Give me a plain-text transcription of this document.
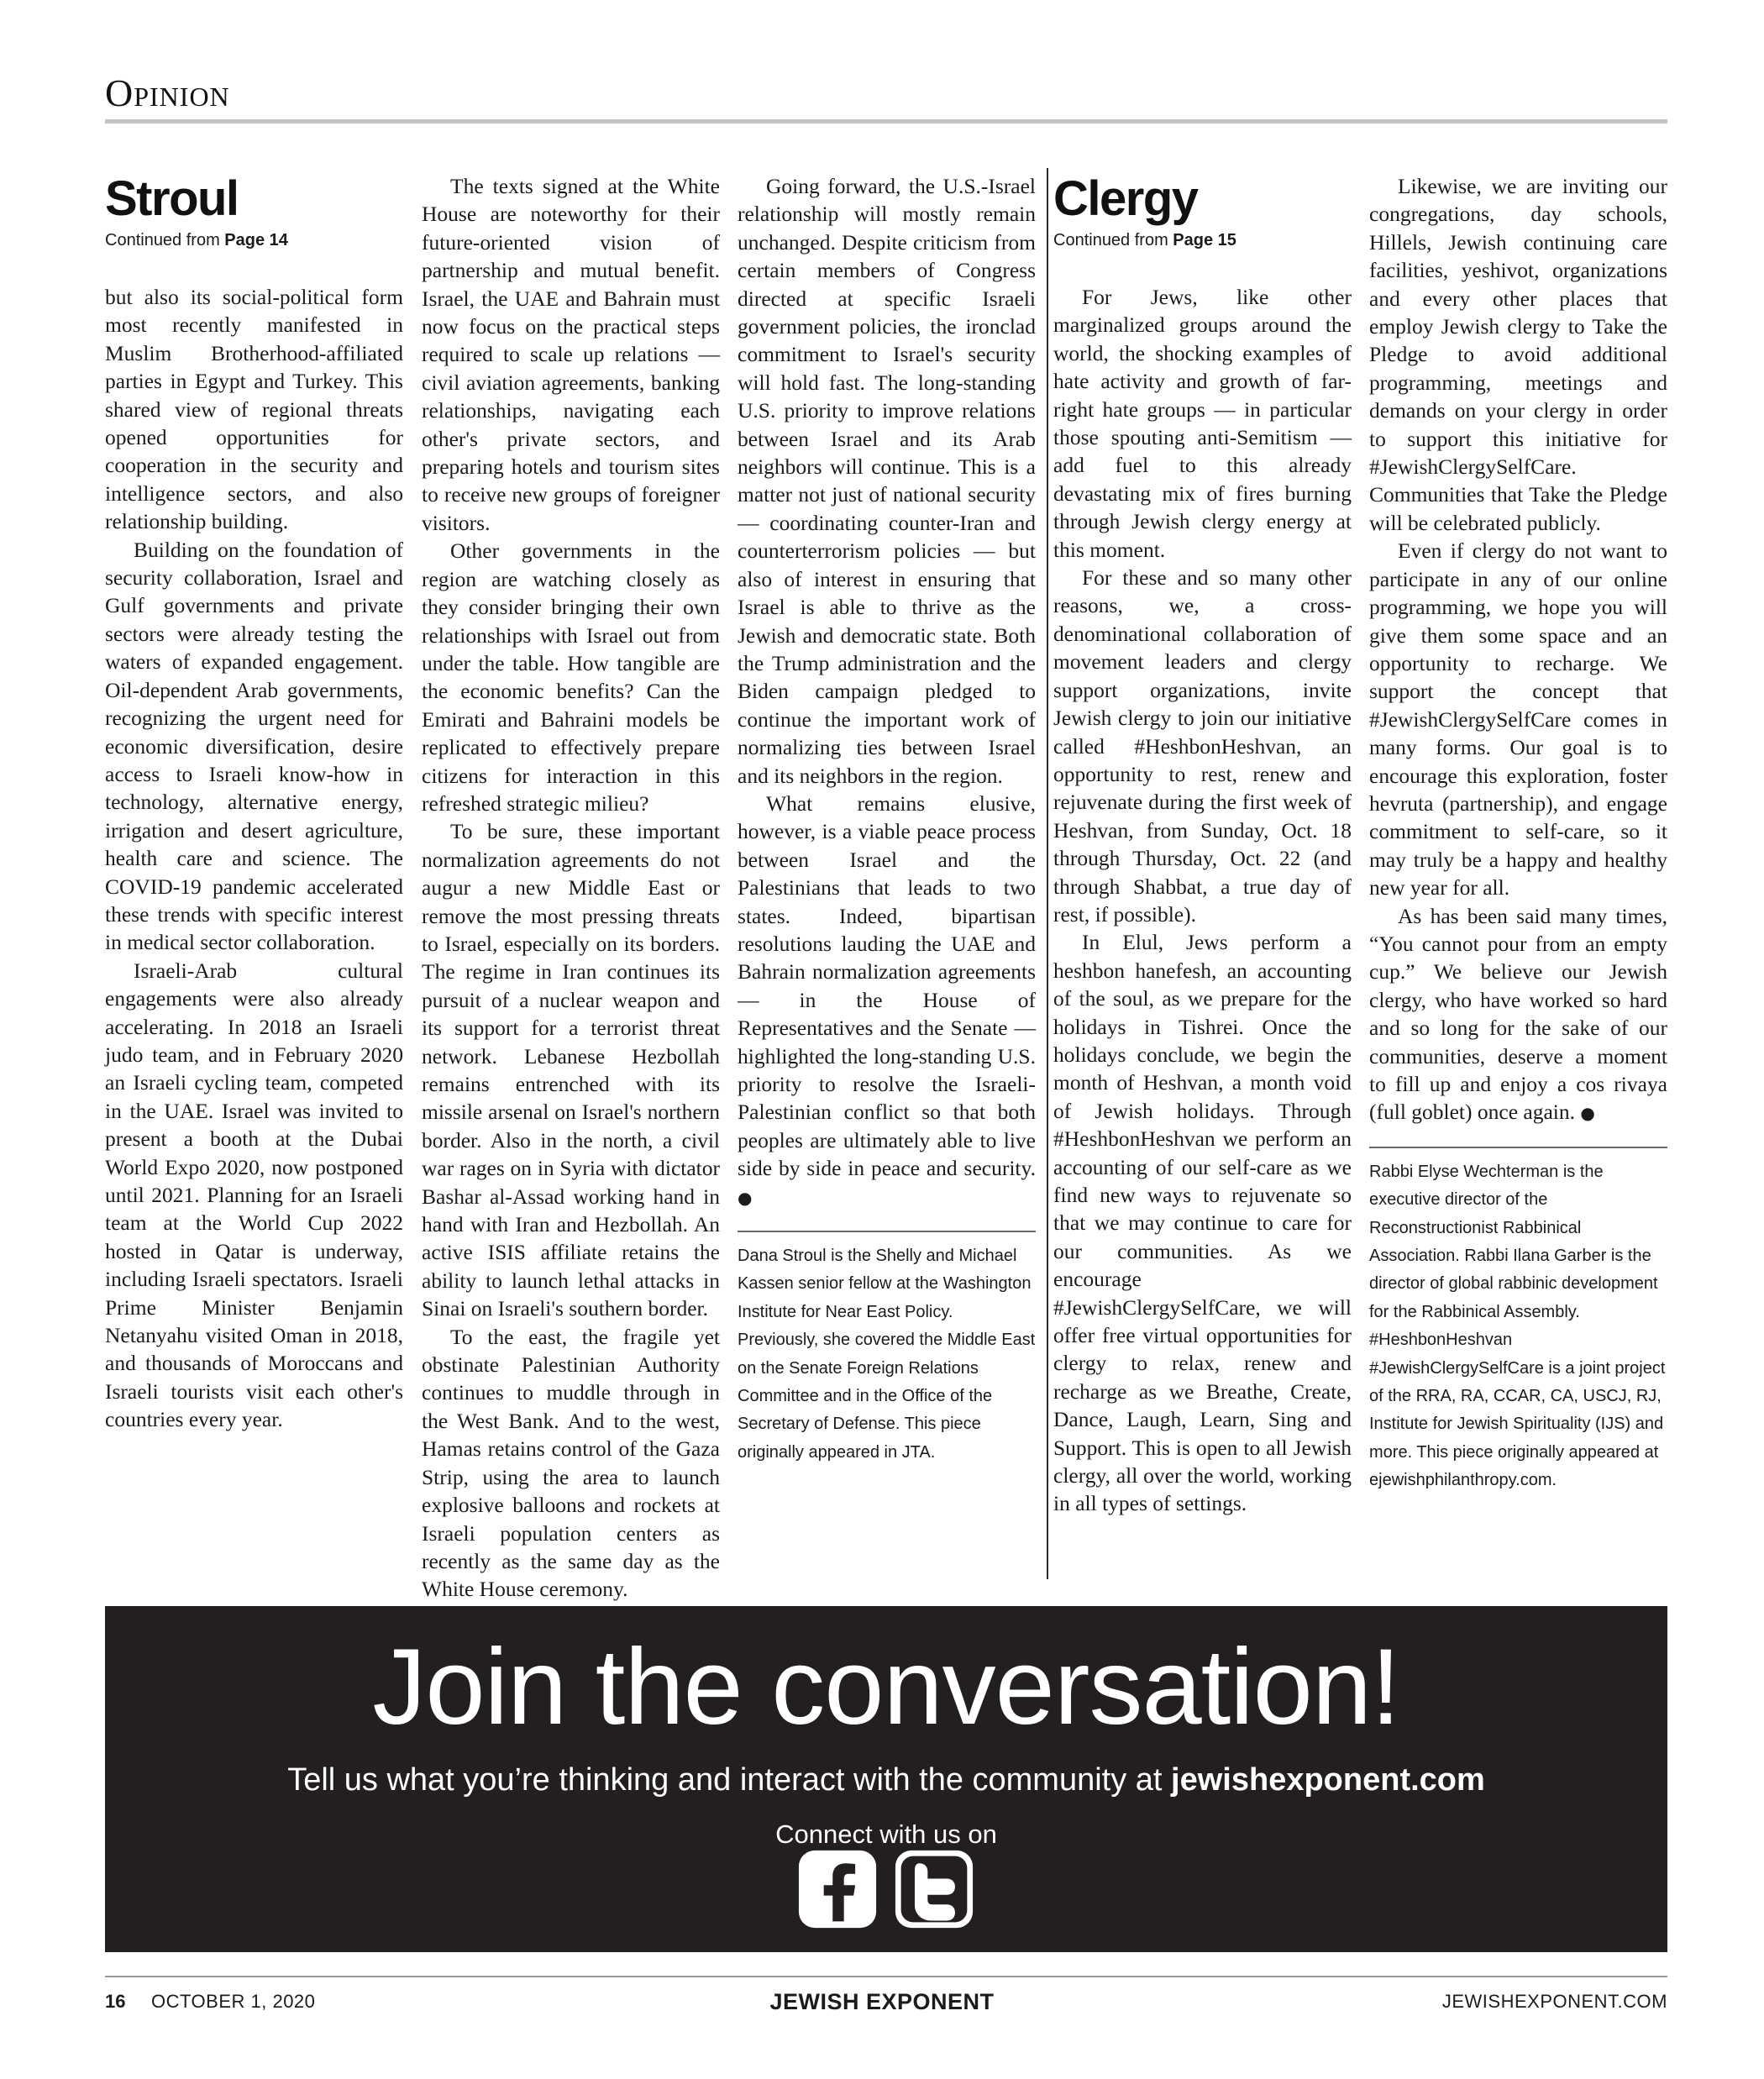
Opinion
Stroul
Continued from Page 14

but also its social-political form most recently manifested in Muslim Brotherhood-affiliated parties in Egypt and Turkey. This shared view of regional threats opened opportunities for cooperation in the security and intelligence sectors, and also relationship building.

Building on the foundation of security collaboration, Israel and Gulf governments and private sectors were already testing the waters of expanded engagement. Oil-dependent Arab governments, recognizing the urgent need for economic diversification, desire access to Israeli know-how in technology, alternative energy, irrigation and desert agriculture, health care and science. The COVID-19 pandemic accelerated these trends with specific interest in medical sector collaboration.

Israeli-Arab cultural engagements were also already accelerating. In 2018 an Israeli judo team, and in February 2020 an Israeli cycling team, competed in the UAE. Israel was invited to present a booth at the Dubai World Expo 2020, now postponed until 2021. Planning for an Israeli team at the World Cup 2022 hosted in Qatar is underway, including Israeli spectators. Israeli Prime Minister Benjamin Netanyahu visited Oman in 2018, and thousands of Moroccans and Israeli tourists visit each other's countries every year.

The texts signed at the White House are noteworthy for their future-oriented vision of partnership and mutual benefit. Israel, the UAE and Bahrain must now focus on the practical steps required to scale up relations — civil aviation agreements, banking relationships, navigating each other's private sectors, and preparing hotels and tourism sites to receive new groups of foreigner visitors.

Other governments in the region are watching closely as they consider bringing their own relationships with Israel out from under the table. How tangible are the economic benefits? Can the Emirati and Bahraini models be replicated to effectively prepare citizens for interaction in this refreshed strategic milieu?

To be sure, these important normalization agreements do not augur a new Middle East or remove the most pressing threats to Israel, especially on its borders. The regime in Iran continues its pursuit of a nuclear weapon and its support for a terrorist threat network. Lebanese Hezbollah remains entrenched with its missile arsenal on Israel's northern border. Also in the north, a civil war rages on in Syria with dictator Bashar al-Assad working hand in hand with Iran and Hezbollah. An active ISIS affiliate retains the ability to launch lethal attacks in Sinai on Israeli's southern border.

To the east, the fragile yet obstinate Palestinian Authority continues to muddle through in the West Bank. And to the west, Hamas retains control of the Gaza Strip, using the area to launch explosive balloons and rockets at Israeli population centers as recently as the same day as the White House ceremony.

Going forward, the U.S.-Israel relationship will mostly remain unchanged. Despite criticism from certain members of Congress directed at specific Israeli government policies, the ironclad commitment to Israel's security will hold fast. The long-standing U.S. priority to improve relations between Israel and its Arab neighbors will continue. This is a matter not just of national security — coordinating counter-Iran and counterterrorism policies — but also of interest in ensuring that Israel is able to thrive as the Jewish and democratic state. Both the Trump administration and the Biden campaign pledged to continue the important work of normalizing ties between Israel and its neighbors in the region.

What remains elusive, however, is a viable peace process between Israel and the Palestinians that leads to two states. Indeed, bipartisan resolutions lauding the UAE and Bahrain normalization agreements — in the House of Representatives and the Senate — highlighted the long-standing U.S. priority to resolve the Israeli-Palestinian conflict so that both peoples are ultimately able to live side by side in peace and security. ●

Dana Stroul is the Shelly and Michael Kassen senior fellow at the Washington Institute for Near East Policy. Previously, she covered the Middle East on the Senate Foreign Relations Committee and in the Office of the Secretary of Defense. This piece originally appeared in JTA.

Clergy
Continued from Page 15

For Jews, like other marginalized groups around the world, the shocking examples of hate activity and growth of far-right hate groups — in particular those spouting anti-Semitism — add fuel to this already devastating mix of fires burning through Jewish clergy energy at this moment.

For these and so many other reasons, we, a cross-denominational collaboration of movement leaders and clergy support organizations, invite Jewish clergy to join our initiative called #HeshbonHeshvan, an opportunity to rest, renew and rejuvenate during the first week of Heshvan, from Sunday, Oct. 18 through Thursday, Oct. 22 (and through Shabbat, a true day of rest, if possible).

In Elul, Jews perform a heshbon hanefesh, an accounting of the soul, as we prepare for the holidays in Tishrei. Once the holidays conclude, we begin the month of Heshvan, a month void of Jewish holidays. Through #HeshbonHeshvan we perform an accounting of our self-care as we find new ways to rejuvenate so that we may continue to care for our communities. As we encourage #JewishClergySelfCare, we will offer free virtual opportunities for clergy to relax, renew and recharge as we Breathe, Create, Dance, Laugh, Learn, Sing and Support. This is open to all Jewish clergy, all over the world, working in all types of settings.

Likewise, we are inviting our congregations, day schools, Hillels, Jewish continuing care facilities, yeshivot, organizations and every other places that employ Jewish clergy to Take the Pledge to avoid additional programming, meetings and demands on your clergy in order to support this initiative for #JewishClergySelfCare. Communities that Take the Pledge will be celebrated publicly.

Even if clergy do not want to participate in any of our online programming, we hope you will give them some space and an opportunity to recharge. We support the concept that #JewishClergySelfCare comes in many forms. Our goal is to encourage this exploration, foster hevruta (partnership), and engage commitment to self-care, so it may truly be a happy and healthy new year for all.

As has been said many times, “You cannot pour from an empty cup.” We believe our Jewish clergy, who have worked so hard and so long for the sake of our communities, deserve a moment to fill up and enjoy a cos rivaya (full goblet) once again. ●

Rabbi Elyse Wechterman is the executive director of the Reconstructionist Rabbinical Association. Rabbi Ilana Garber is the director of global rabbinic development for the Rabbinical Assembly. #HeshbonHeshvan #JewishClergySelfCare is a joint project of the RRA, RA, CCAR, CA, USCJ, RJ, Institute for Jewish Spirituality (IJS) and more. This piece originally appeared at ejewishphilanthropy.com.

Join the conversation!
Tell us what you’re thinking and interact with the community at jewishexponent.com
Connect with us on
16 OCTOBER 1, 2020	JEWISH EXPONENT	JEWISHEXPONENT.COM
